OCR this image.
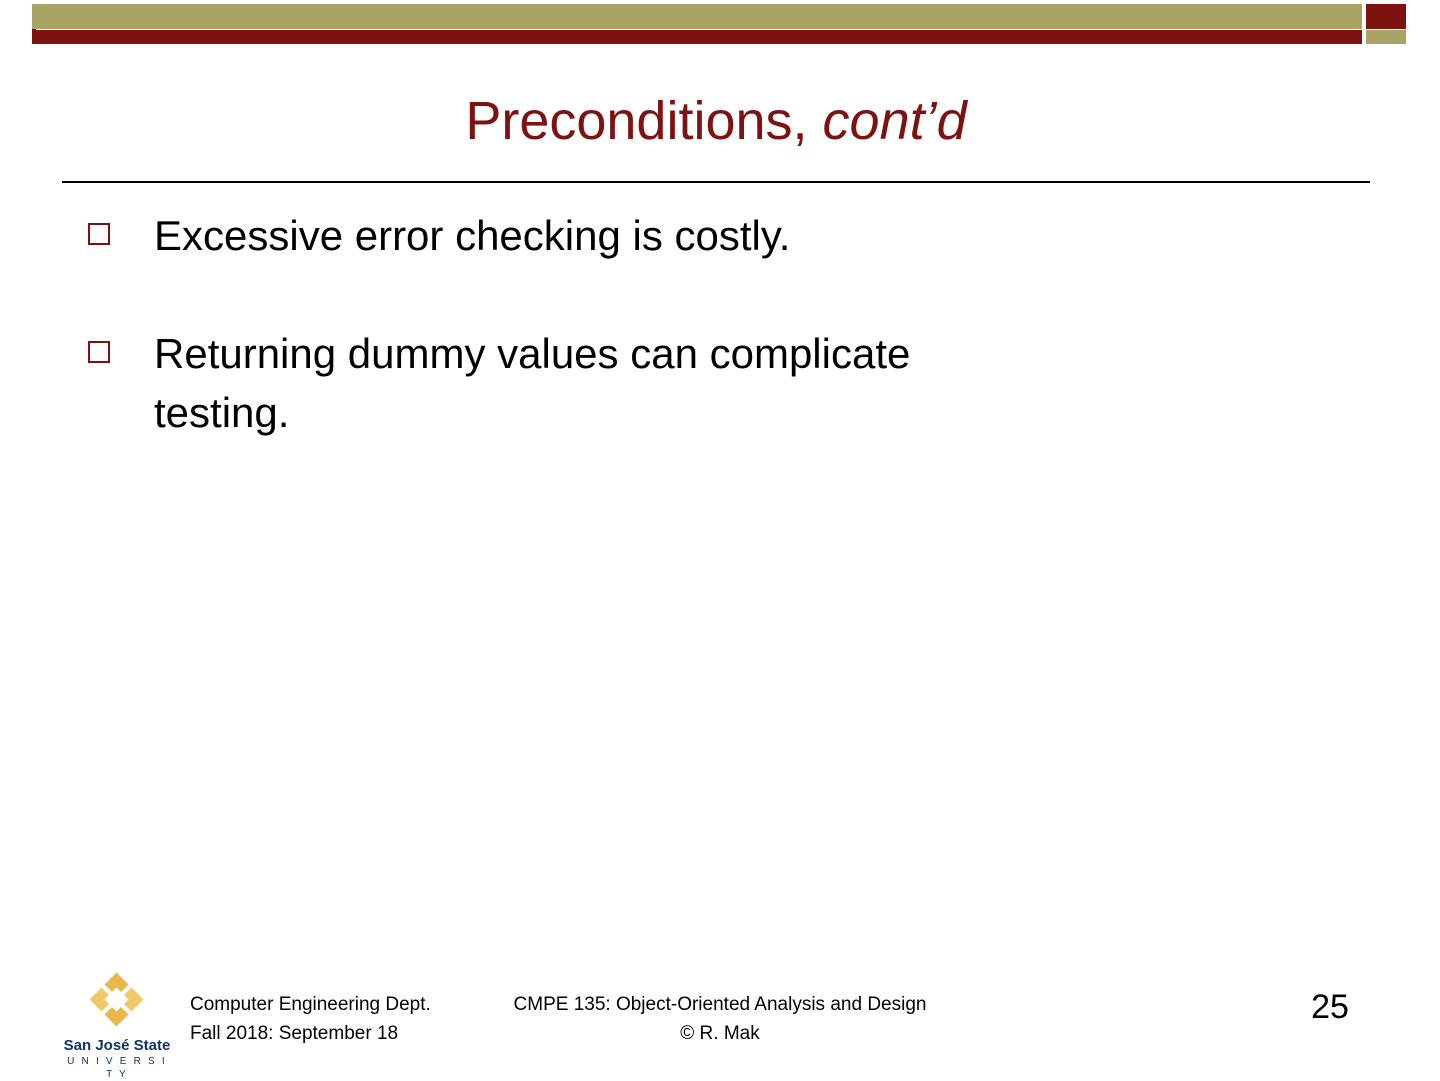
Preconditions, cont’d
Excessive error checking is costly.
Returning dummy values can complicate testing.
San José State
U N I V E R S I T Y
Computer Engineering Dept.
Fall 2018: September 18
CMPE 135: Object-Oriented Analysis and Design
© R. Mak
25
